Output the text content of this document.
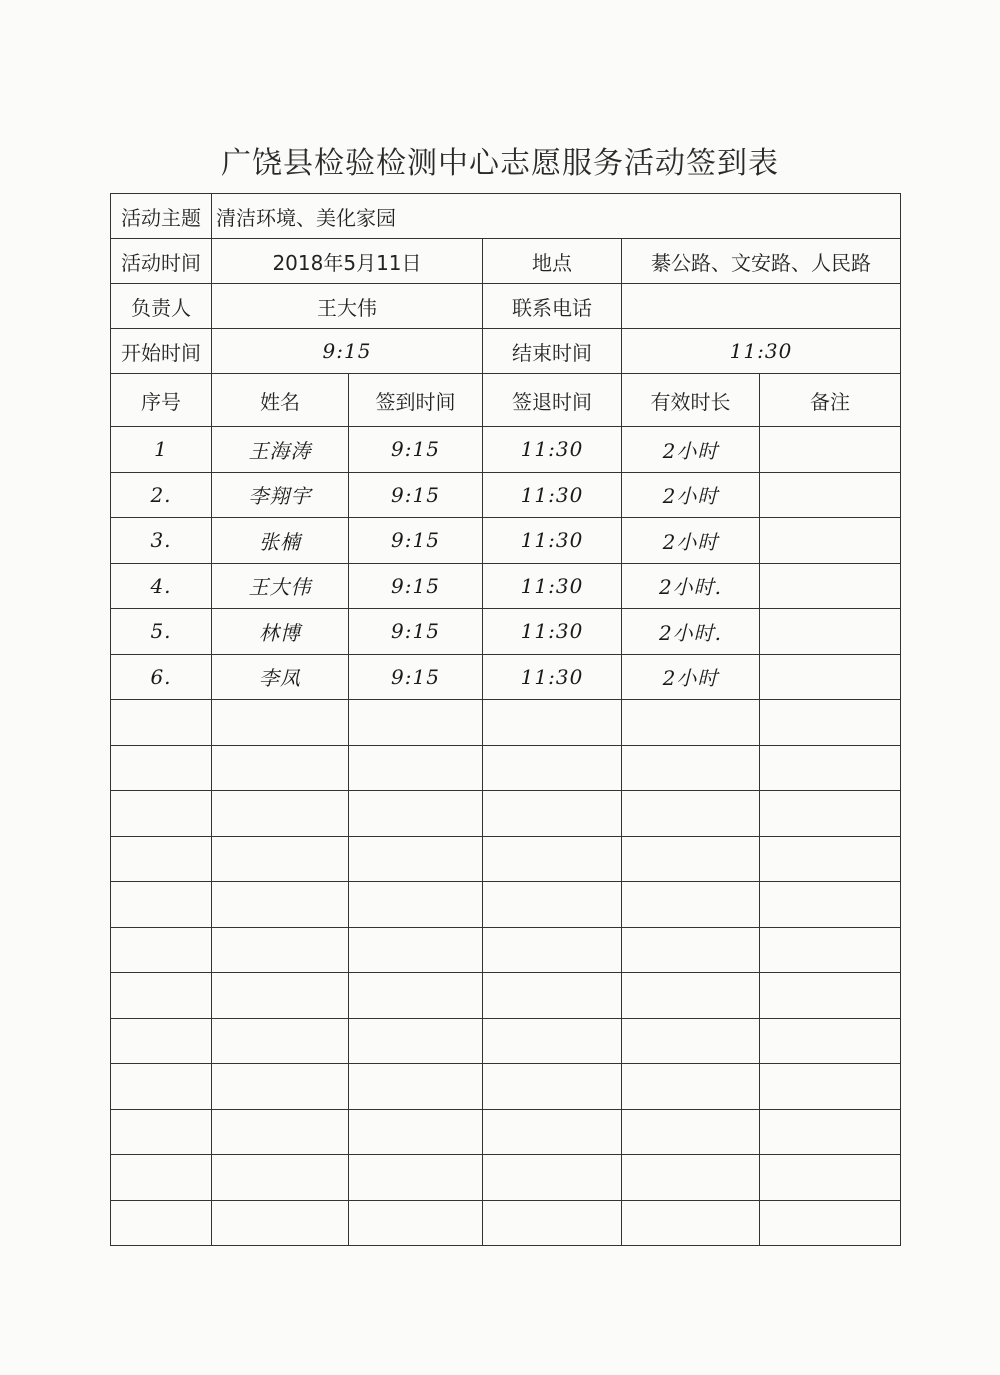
广饶县检验检测中心志愿服务活动签到表
活动主题	清洁环境、美化家园				
活动时间	2018年5月11日		地点	綦公路、文安路、人民路	
负责人	王大伟		联系电话		
开始时间	9:15		结束时间	11:30	
序号	姓名	签到时间	签退时间	有效时长	备注
1	王海涛	9:15	11:30	2小时	
2.	李翔宇	9:15	11:30	2小时	
3.	张楠	9:15	11:30	2小时	
4.	王大伟	9:15	11:30	2小时.	
5.	林博	9:15	11:30	2小时.	
6.	李凤	9:15	11:30	2小时	
